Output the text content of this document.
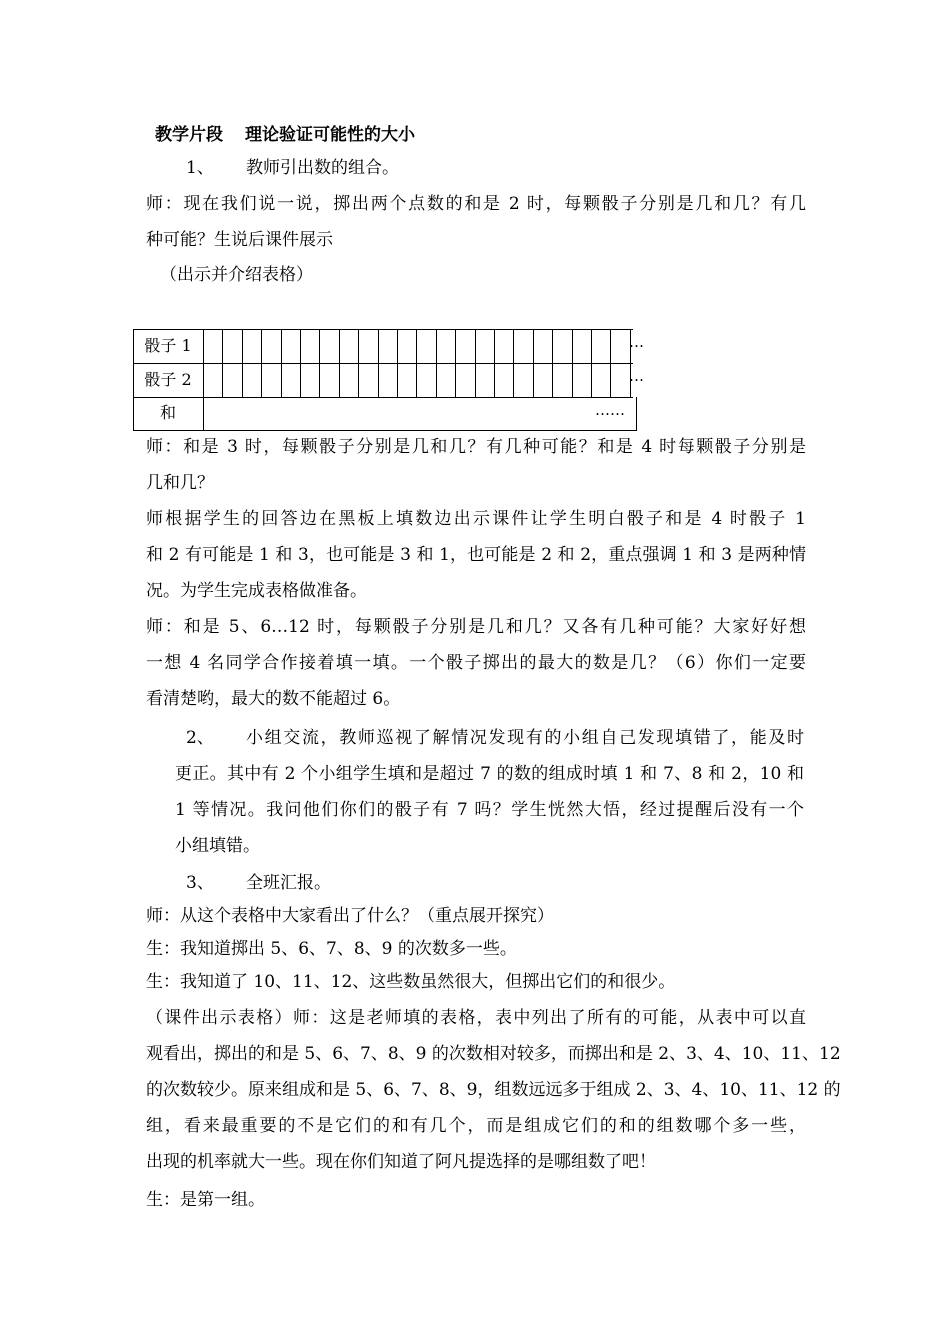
教学片段 理论验证可能性的大小
1、 教师引出数的组合。
师：现在我们说一说，掷出两个点数的和是 2 时，每颗骰子分别是几和几？有几
种可能？生说后课件展示
（出示并介绍表格）
骰子 1
骰子 2
和
…
…
……
师：和是 3 时，每颗骰子分别是几和几？有几种可能？和是 4 时每颗骰子分别是
几和几？
师根据学生的回答边在黑板上填数边出示课件让学生明白骰子和是 4 时骰子 1
和 2 有可能是 1 和 3，也可能是 3 和 1，也可能是 2 和 2，重点强调 1 和 3 是两种情
况。为学生完成表格做准备。
师：和是 5、6…12 时，每颗骰子分别是几和几？又各有几种可能？大家好好想
一想 4 名同学合作接着填一填。一个骰子掷出的最大的数是几？（6）你们一定要
看清楚哟，最大的数不能超过 6。
2、 小组交流，教师巡视了解情况发现有的小组自己发现填错了，能及时
更正。其中有 2 个小组学生填和是超过 7 的数的组成时填 1 和 7、8 和 2，10 和
1 等情况。我问他们你们的骰子有 7 吗？学生恍然大悟，经过提醒后没有一个
小组填错。
3、 全班汇报。
师：从这个表格中大家看出了什么？（重点展开探究）
生：我知道掷出 5、6、7、8、9 的次数多一些。
生：我知道了 10、11、12、这些数虽然很大，但掷出它们的和很少。
（课件出示表格）师：这是老师填的表格，表中列出了所有的可能，从表中可以直
观看出，掷出的和是 5、6、7、8、9 的次数相对较多，而掷出和是 2、3、4、10、11、12
的次数较少。原来组成和是 5、6、7、8、9，组数远远多于组成 2、3、4、10、11、12 的
组，看来最重要的不是它们的和有几个，而是组成它们的和的组数哪个多一些，
出现的机率就大一些。现在你们知道了阿凡提选择的是哪组数了吧！
生：是第一组。
